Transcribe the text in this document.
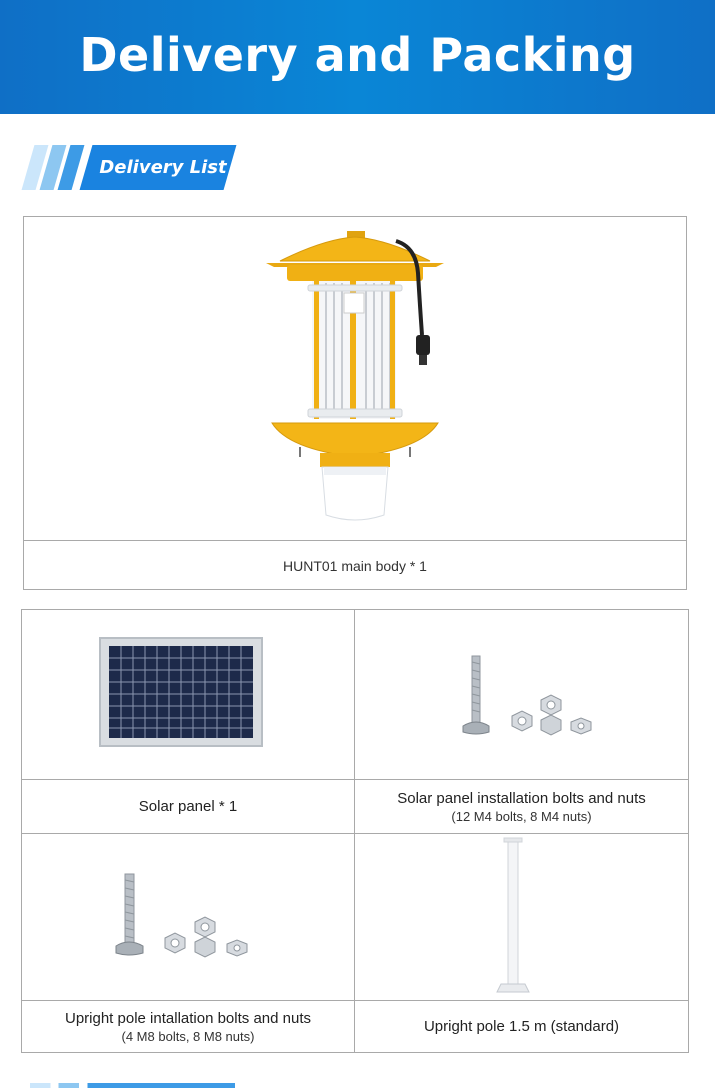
Delivery and Packing
Delivery List
HUNT01 main body * 1
Solar panel * 1	Solar panel installation bolts and nuts
(12 M4 bolts, 8 M4 nuts)
Upright pole intallation bolts and nuts
(4 M8 bolts, 8 M8 nuts)
Upright pole 1.5 m (standard)
